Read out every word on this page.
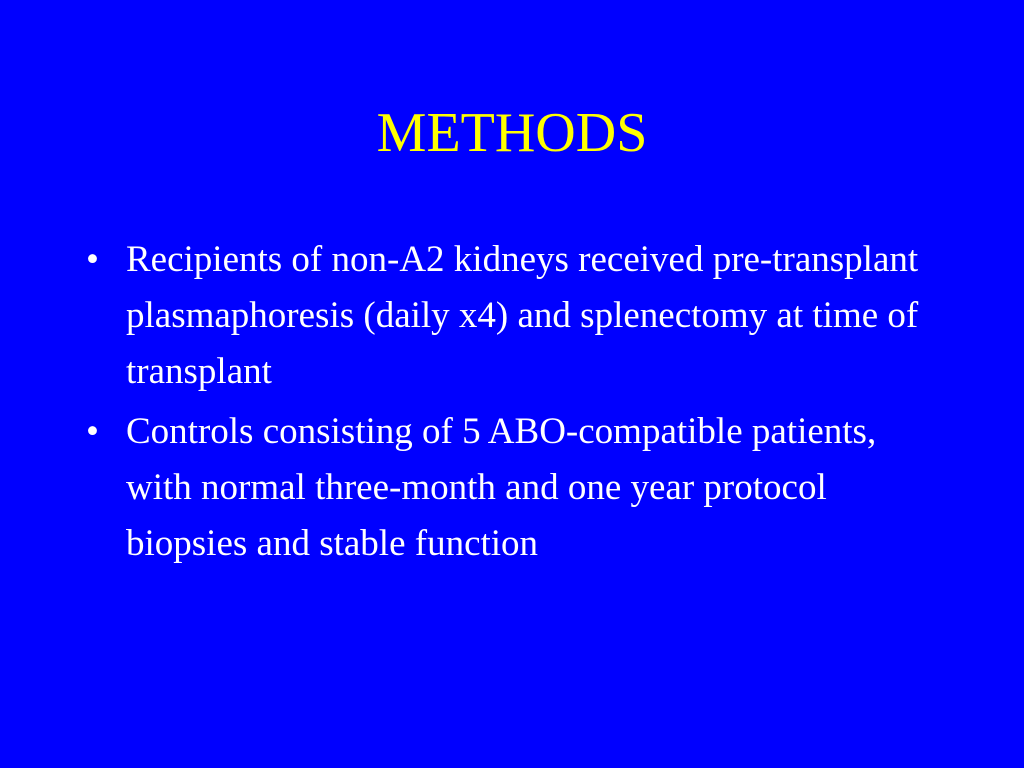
METHODS
• Recipients of non-A2 kidneys received pre-transplant plasmaphoresis (daily x4) and splenectomy at time of transplant
• Controls consisting of 5 ABO-compatible patients, with normal three-month and one year protocol biopsies and stable function
